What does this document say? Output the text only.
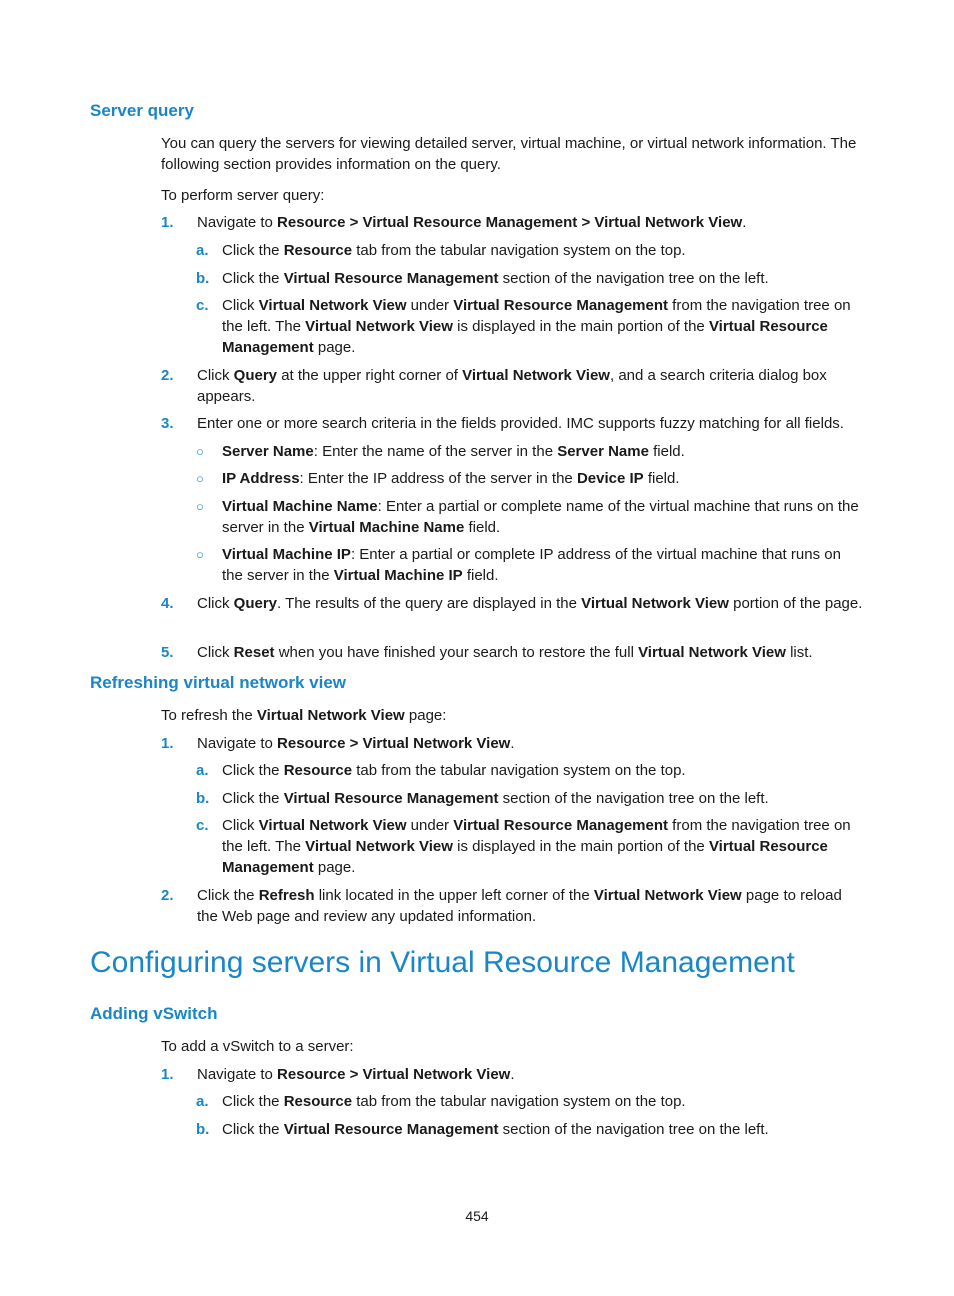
Server query

You can query the servers for viewing detailed server, virtual machine, or virtual network information. The following section provides information on the query.

To perform server query:

1. Navigate to Resource > Virtual Resource Management > Virtual Network View.

a. Click the Resource tab from the tabular navigation system on the top.

b. Click the Virtual Resource Management section of the navigation tree on the left.

c. Click Virtual Network View under Virtual Resource Management from the navigation tree on the left. The Virtual Network View is displayed in the main portion of the Virtual Resource Management page.

2. Click Query at the upper right corner of Virtual Network View, and a search criteria dialog box appears.

3. Enter one or more search criteria in the fields provided. IMC supports fuzzy matching for all fields.

○ Server Name: Enter the name of the server in the Server Name field.

○ IP Address: Enter the IP address of the server in the Device IP field.

○ Virtual Machine Name: Enter a partial or complete name of the virtual machine that runs on the server in the Virtual Machine Name field.

○ Virtual Machine IP: Enter a partial or complete IP address of the virtual machine that runs on the server in the Virtual Machine IP field.

4. Click Query. The results of the query are displayed in the Virtual Network View portion of the page.

5. Click Reset when you have finished your search to restore the full Virtual Network View list.

Refreshing virtual network view

To refresh the Virtual Network View page:

1. Navigate to Resource > Virtual Network View.

a. Click the Resource tab from the tabular navigation system on the top.

b. Click the Virtual Resource Management section of the navigation tree on the left.

c. Click Virtual Network View under Virtual Resource Management from the navigation tree on the left. The Virtual Network View is displayed in the main portion of the Virtual Resource Management page.

2. Click the Refresh link located in the upper left corner of the Virtual Network View page to reload the Web page and review any updated information.

Configuring servers in Virtual Resource Management
Adding vSwitch

To add a vSwitch to a server:

1. Navigate to Resource > Virtual Network View.

a. Click the Resource tab from the tabular navigation system on the top.

b. Click the Virtual Resource Management section of the navigation tree on the left.

454
